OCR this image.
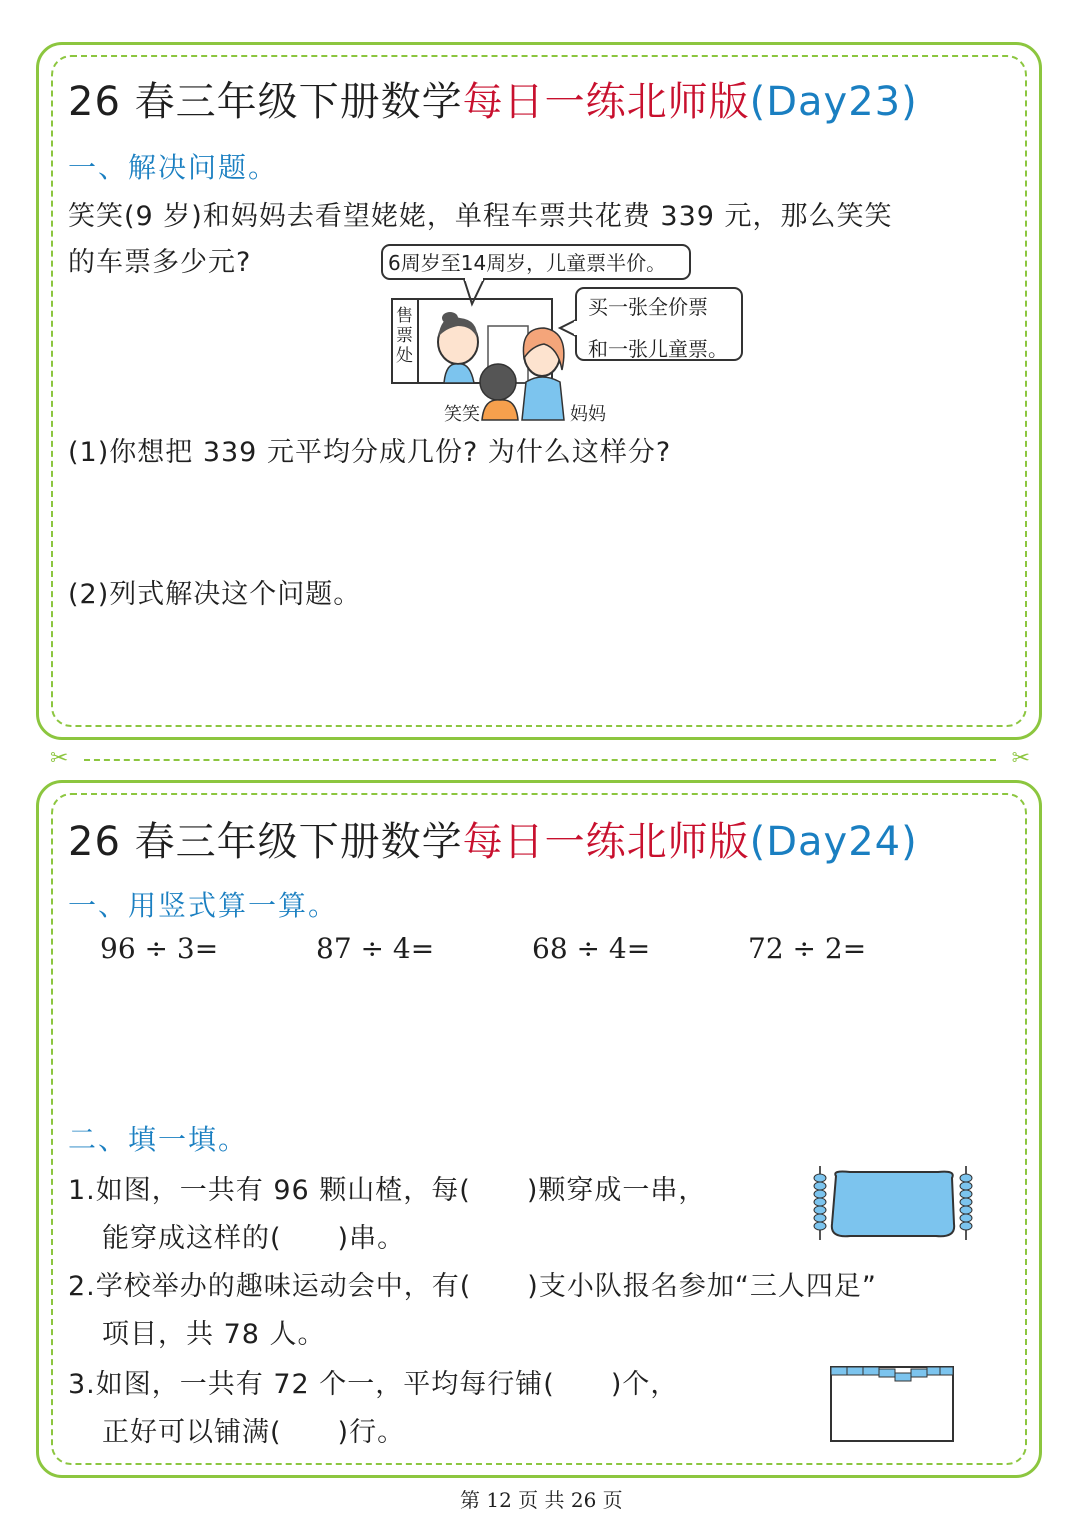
26 春三年级下册数学每日一练北师版(Day23)
一、解决问题。
笑笑(9 岁)和妈妈去看望姥姥，单程车票共花费 339 元，那么笑笑
的车票多少元?	6周岁至14周岁，儿童票半价。
买一张全价票
和一张儿童票。
售
票
处
笑笑	妈妈
(1)你想把 339 元平均分成几份? 为什么这样分?
(2)列式解决这个问题。
✂	✂
26 春三年级下册数学每日一练北师版(Day24)
一、用竖式算一算。
96 ÷ 3=	87 ÷ 4=	68 ÷ 4=	72 ÷ 2=
二、填一填。
1.如图，一共有 96 颗山楂，每(　　)颗穿成一串，
能穿成这样的(　　)串。
2.学校举办的趣味运动会中，有(　　)支小队报名参加“三人四足”
项目，共 78 人。
3.如图，一共有 72 个一，平均每行铺(　　)个，
正好可以铺满(　　)行。
第 12 页 共 26 页
